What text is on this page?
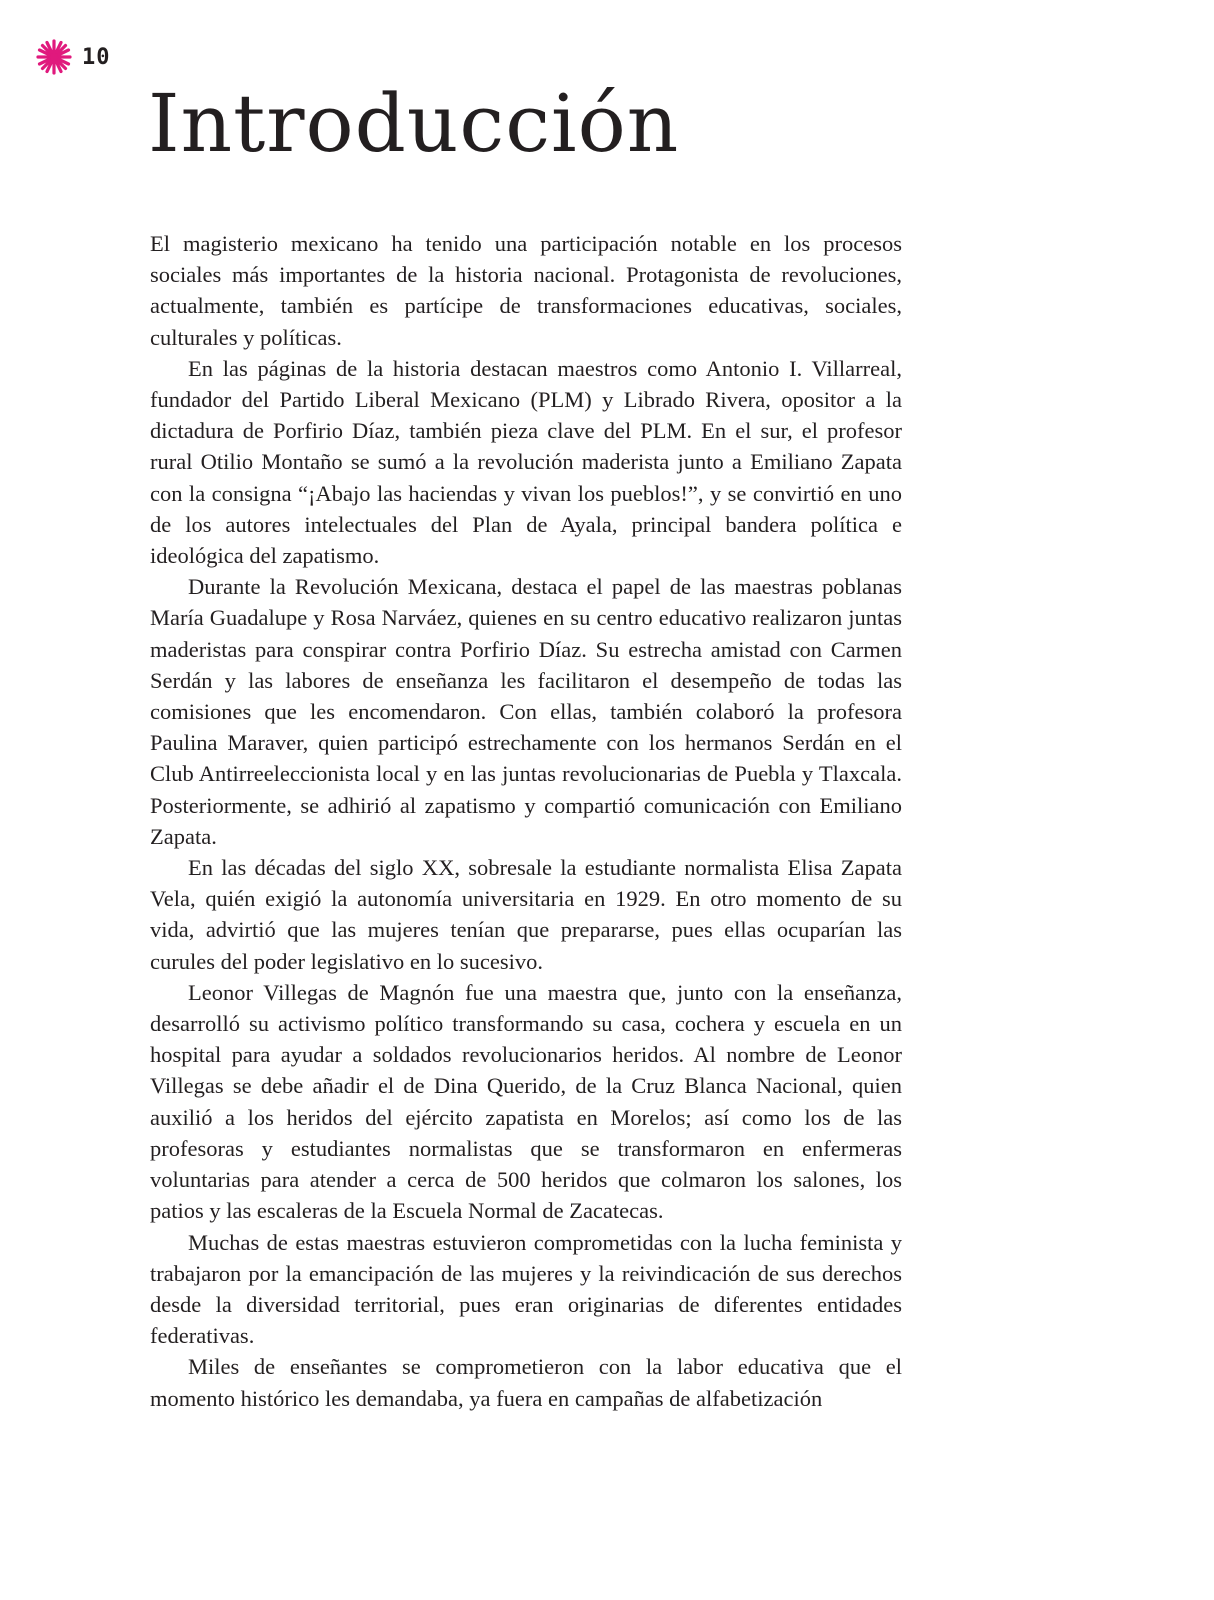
10
Introducción

El magisterio mexicano ha tenido una participación notable en los procesos sociales más importantes de la historia nacional. Protagonista de revoluciones, actualmente, también es partícipe de transformaciones educativas, sociales, culturales y políticas.

En las páginas de la historia destacan maestros como Antonio I. Villarreal, fundador del Partido Liberal Mexicano (PLM) y Librado Rivera, opositor a la dictadura de Porfirio Díaz, también pieza clave del PLM. En el sur, el profesor rural Otilio Montaño se sumó a la revolución maderista junto a Emiliano Zapata con la consigna “¡Abajo las haciendas y vivan los pueblos!”, y se convirtió en uno de los autores intelectuales del Plan de Ayala, principal bandera política e ideológica del zapatismo.

Durante la Revolución Mexicana, destaca el papel de las maestras poblanas María Guadalupe y Rosa Narváez, quienes en su centro educativo realizaron juntas maderistas para conspirar contra Porfirio Díaz. Su estrecha amistad con Carmen Serdán y las labores de enseñanza les facilitaron el desempeño de todas las comisiones que les encomendaron. Con ellas, también colaboró la profesora Paulina Maraver, quien participó estrechamente con los hermanos Serdán en el Club Antirreeleccionista local y en las juntas revolucionarias de Puebla y Tlaxcala. Posteriormente, se adhirió al zapatismo y compartió comunicación con Emiliano Zapata.

En las décadas del siglo XX, sobresale la estudiante normalista Elisa Zapata Vela, quién exigió la autonomía universitaria en 1929. En otro momento de su vida, advirtió que las mujeres tenían que prepararse, pues ellas ocuparían las curules del poder legislativo en lo sucesivo.

Leonor Villegas de Magnón fue una maestra que, junto con la enseñanza, desarrolló su activismo político transformando su casa, cochera y escuela en un hospital para ayudar a soldados revolucionarios heridos. Al nombre de Leonor Villegas se debe añadir el de Dina Querido, de la Cruz Blanca Nacional, quien auxilió a los heridos del ejército zapatista en Morelos; así como los de las profesoras y estudiantes normalistas que se transformaron en enfermeras voluntarias para atender a cerca de 500 heridos que colmaron los salones, los patios y las escaleras de la Escuela Normal de Zacatecas.

Muchas de estas maestras estuvieron comprometidas con la lucha feminista y trabajaron por la emancipación de las mujeres y la reivindicación de sus derechos desde la diversidad territorial, pues eran originarias de diferentes entidades federativas.

Miles de enseñantes se comprometieron con la labor educativa que el momento histórico les demandaba, ya fuera en campañas de alfabetización
